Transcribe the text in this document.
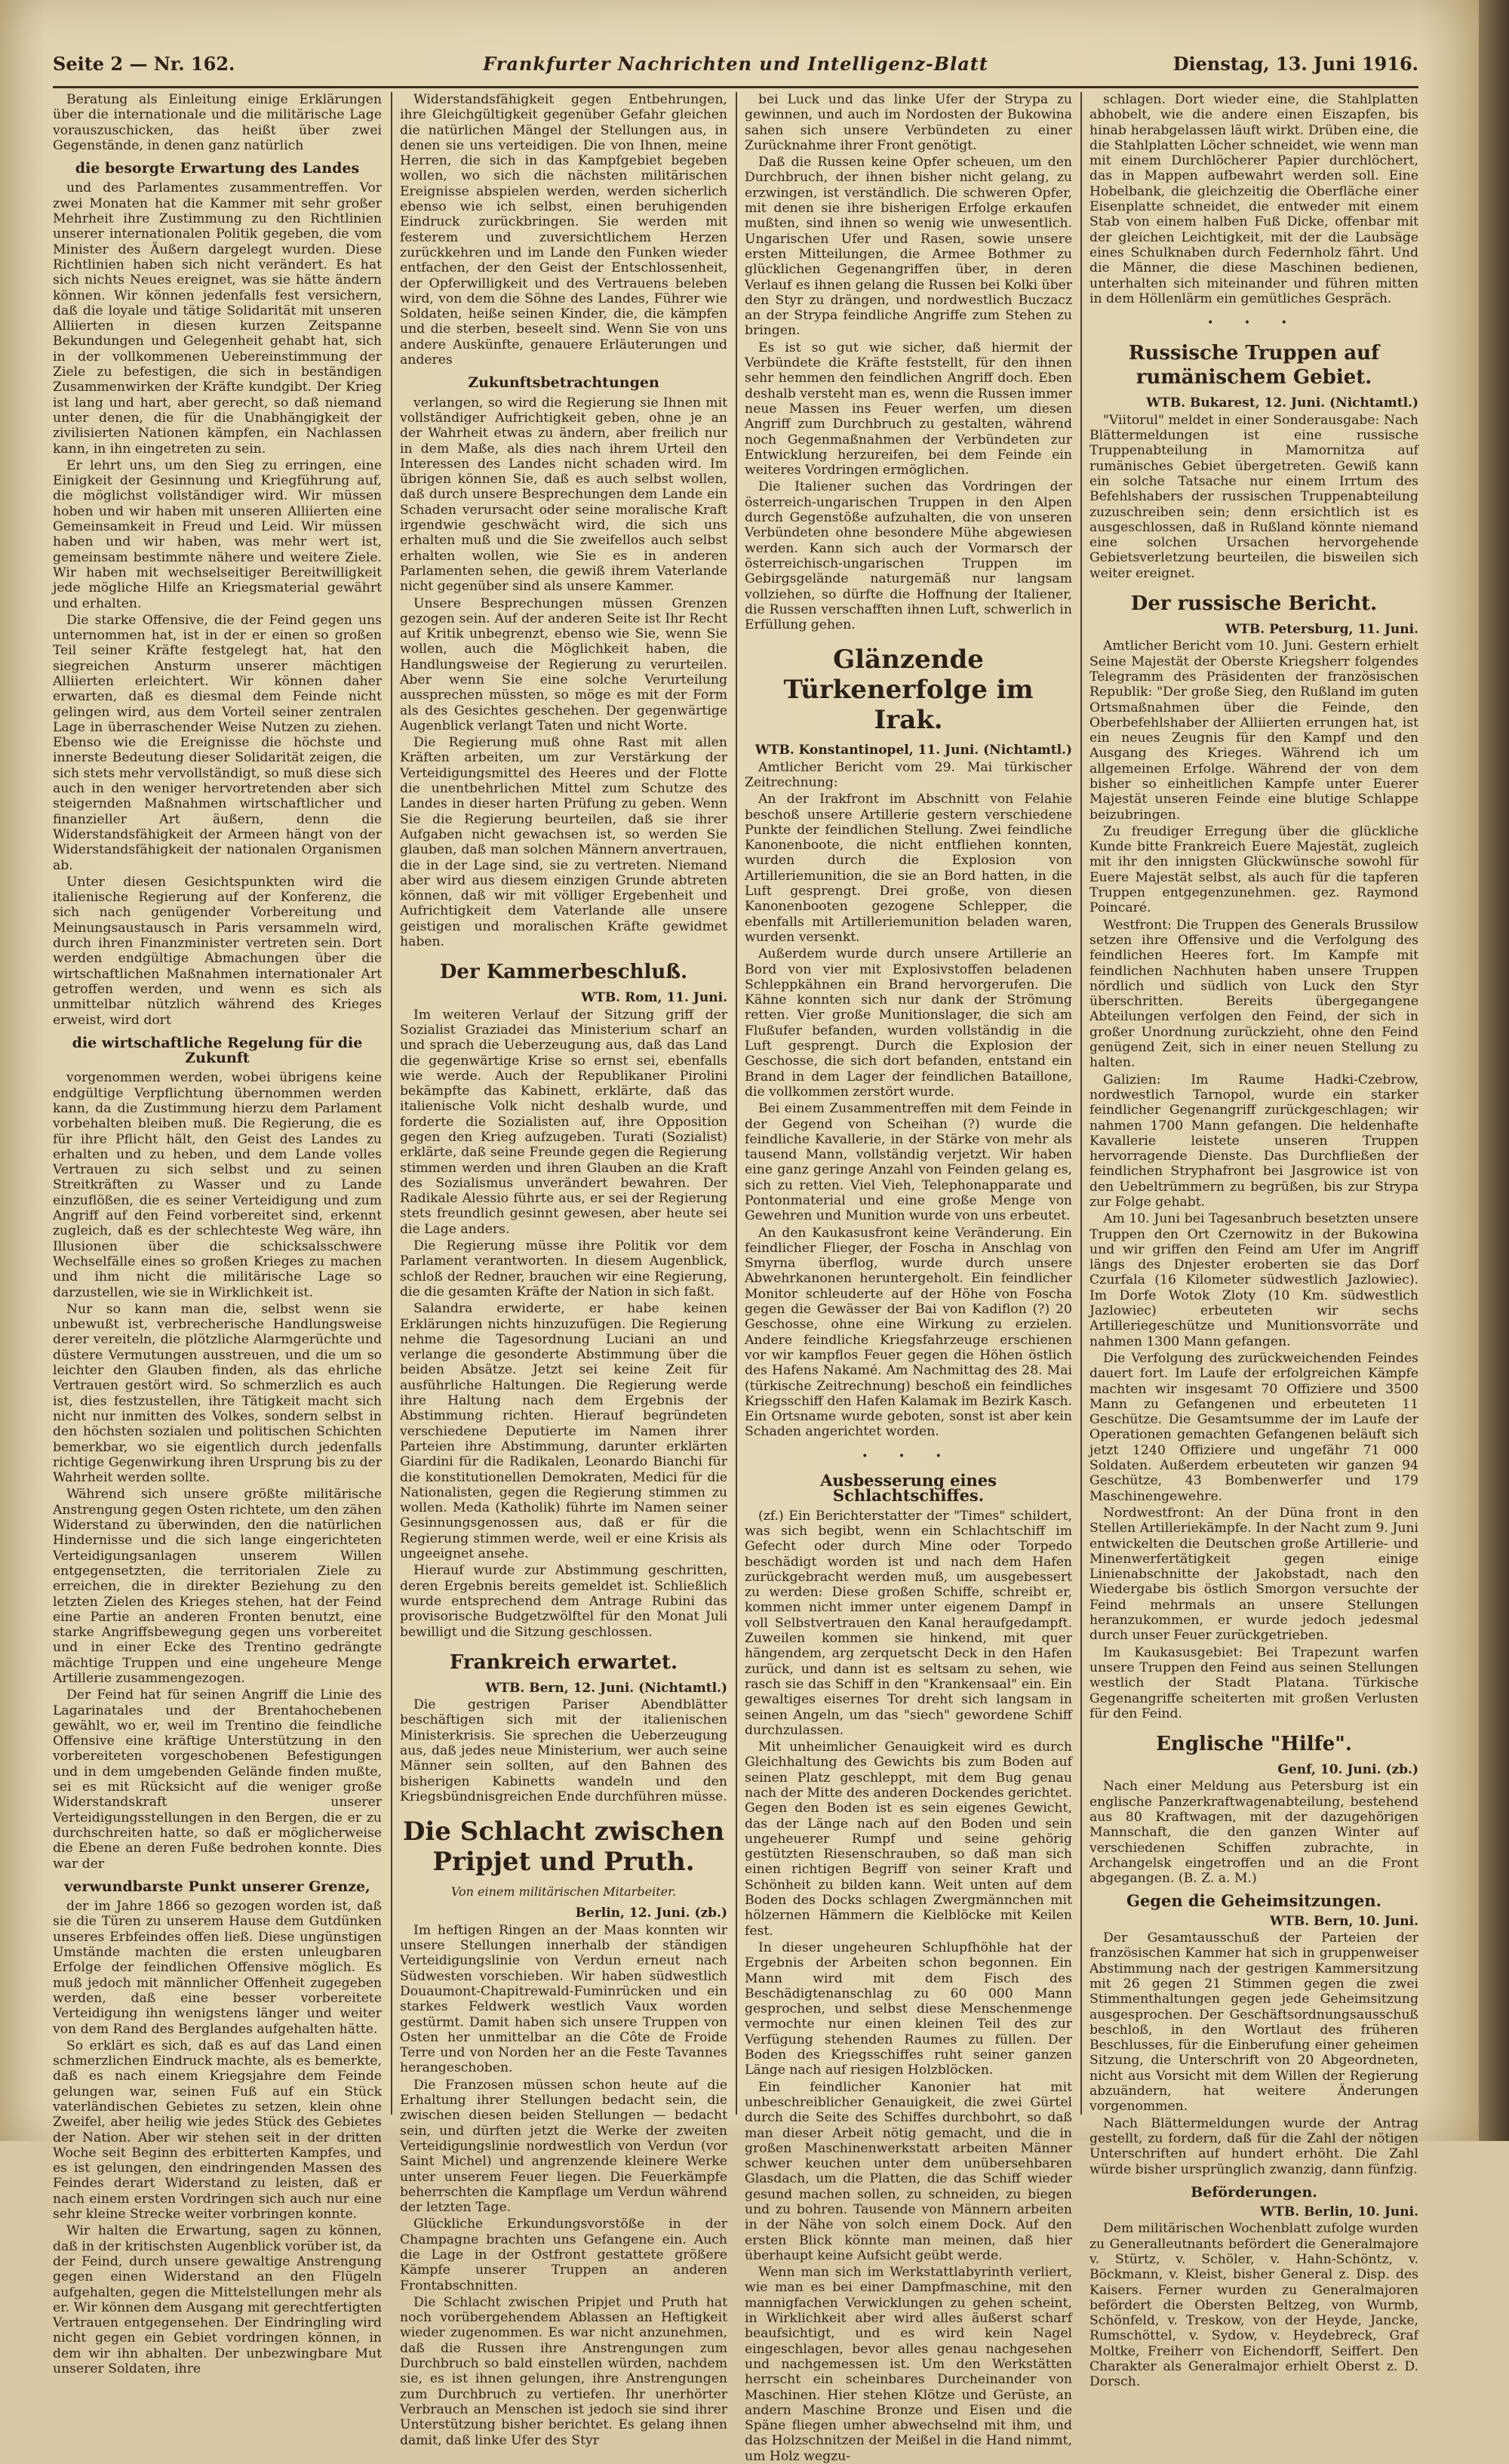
Seite 2 — Nr. 162.	Frankfurter Nachrichten und Intelligenz-Blatt	Dienstag, 13. Juni 1916.

Beratung als Einleitung einige Erklärungen über die internationale und die militärische Lage vorauszuschicken, das heißt über zwei Gegenstände, in denen ganz natürlich

die besorgte Erwartung des Landes

und des Parlamentes zusammentreffen. Vor zwei Monaten hat die Kammer mit sehr großer Mehrheit ihre Zustimmung zu den Richtlinien unserer internationalen Politik gegeben, die vom Minister des Äußern dargelegt wurden. Diese Richtlinien haben sich nicht verändert. Es hat sich nichts Neues ereignet, was sie hätte ändern können. Wir können jedenfalls fest versichern, daß die loyale und tätige Solidarität mit unseren Alliierten in diesen kurzen Zeitspanne Bekundungen und Gelegenheit gehabt hat, sich in der vollkommenen Uebereinstimmung der Ziele zu befestigen, die sich in beständigen Zusammenwirken der Kräfte kundgibt. Der Krieg ist lang und hart, aber gerecht, so daß niemand unter denen, die für die Unabhängigkeit der zivilisierten Nationen kämpfen, ein Nachlassen kann, in ihn eingetreten zu sein.

Er lehrt uns, um den Sieg zu erringen, eine Einigkeit der Gesinnung und Kriegführung auf, die möglichst vollständiger wird. Wir müssen hoben und wir haben mit unseren Alliierten eine Gemeinsamkeit in Freud und Leid. Wir müssen haben und wir haben, was mehr wert ist, gemeinsam bestimmte nähere und weitere Ziele. Wir haben mit wechselseitiger Bereitwilligkeit jede mögliche Hilfe an Kriegsmaterial gewährt und erhalten.

Die starke Offensive, die der Feind gegen uns unternommen hat, ist in der er einen so großen Teil seiner Kräfte festgelegt hat, hat den siegreichen Ansturm unserer mächtigen Alliierten erleichtert. Wir können daher erwarten, daß es diesmal dem Feinde nicht gelingen wird, aus dem Vorteil seiner zentralen Lage in überraschender Weise Nutzen zu ziehen. Ebenso wie die Ereignisse die höchste und innerste Bedeutung dieser Solidarität zeigen, die sich stets mehr vervollständigt, so muß diese sich auch in den weniger hervortretenden aber sich steigernden Maßnahmen wirtschaftlicher und finanzieller Art äußern, denn die Widerstandsfähigkeit der Armeen hängt von der Widerstandsfähigkeit der nationalen Organismen ab.

Unter diesen Gesichtspunkten wird die italienische Regierung auf der Konferenz, die sich nach genügender Vorbereitung und Meinungsaustausch in Paris versammeln wird, durch ihren Finanzminister vertreten sein. Dort werden endgültige Abmachungen über die wirtschaftlichen Maßnahmen internationaler Art getroffen werden, und wenn es sich als unmittelbar nützlich während des Krieges erweist, wird dort

die wirtschaftliche Regelung für die Zukunft

vorgenommen werden, wobei übrigens keine endgültige Verpflichtung übernommen werden kann, da die Zustimmung hierzu dem Parlament vorbehalten bleiben muß. Die Regierung, die es für ihre Pflicht hält, den Geist des Landes zu erhalten und zu heben, und dem Lande volles Vertrauen zu sich selbst und zu seinen Streitkräften zu Wasser und zu Lande einzuflößen, die es seiner Verteidigung und zum Angriff auf den Feind vorbereitet sind, erkennt zugleich, daß es der schlechteste Weg wäre, ihn Illusionen über die schicksalsschwere Wechselfälle eines so großen Krieges zu machen und ihm nicht die militärische Lage so darzustellen, wie sie in Wirklichkeit ist.

Nur so kann man die, selbst wenn sie unbewußt ist, verbrecherische Handlungsweise derer vereiteln, die plötzliche Alarmgerüchte und düstere Vermutungen ausstreuen, und die um so leichter den Glauben finden, als das ehrliche Vertrauen gestört wird. So schmerzlich es auch ist, dies festzustellen, ihre Tätigkeit macht sich nicht nur inmitten des Volkes, sondern selbst in den höchsten sozialen und politischen Schichten bemerkbar, wo sie eigentlich durch jedenfalls richtige Gegenwirkung ihren Ursprung bis zu der Wahrheit werden sollte.

Während sich unsere größte militärische Anstrengung gegen Osten richtete, um den zähen Widerstand zu überwinden, den die natürlichen Hindernisse und die sich lange eingerichteten Verteidigungsanlagen unserem Willen entgegensetzten, die territorialen Ziele zu erreichen, die in direkter Beziehung zu den letzten Zielen des Krieges stehen, hat der Feind eine Partie an anderen Fronten benutzt, eine starke Angriffsbewegung gegen uns vorbereitet und in einer Ecke des Trentino gedrängte mächtige Truppen und eine ungeheure Menge Artillerie zusammengezogen.

Der Feind hat für seinen Angriff die Linie des Lagarinatales und der Brentahochebenen gewählt, wo er, weil im Trentino die feindliche Offensive eine kräftige Unterstützung in den vorbereiteten vorgeschobenen Befestigungen und in dem umgebenden Gelände finden mußte, sei es mit Rücksicht auf die weniger große Widerstandskraft unserer Verteidigungsstellungen in den Bergen, die er zu durchschreiten hatte, so daß er möglicherweise die Ebene an deren Fuße bedrohen konnte. Dies war der

verwundbarste Punkt unserer Grenze,

der im Jahre 1866 so gezogen worden ist, daß sie die Türen zu unserem Hause dem Gutdünken unseres Erbfeindes offen ließ. Diese ungünstigen Umstände machten die ersten unleugbaren Erfolge der feindlichen Offensive möglich. Es muß jedoch mit männlicher Offenheit zugegeben werden, daß eine besser vorbereitete Verteidigung ihn wenigstens länger und weiter von dem Rand des Berglandes aufgehalten hätte.

So erklärt es sich, daß es auf das Land einen schmerzlichen Eindruck machte, als es bemerkte, daß es nach einem Kriegsjahre dem Feinde gelungen war, seinen Fuß auf ein Stück vaterländischen Gebietes zu setzen, klein ohne Zweifel, aber heilig wie jedes Stück des Gebietes der Nation. Aber wir stehen seit in der dritten Woche seit Beginn des erbitterten Kampfes, und es ist gelungen, den eindringenden Massen des Feindes derart Widerstand zu leisten, daß er nach einem ersten Vordringen sich auch nur eine sehr kleine Strecke weiter vorbringen konnte.

Wir halten die Erwartung, sagen zu können, daß in der kritischsten Augenblick vorüber ist, da der Feind, durch unsere gewaltige Anstrengung gegen einen Widerstand an den Flügeln aufgehalten, gegen die Mittelstellungen mehr als er. Wir können dem Ausgang mit gerechtfertigten Vertrauen entgegensehen. Der Eindringling wird nicht gegen ein Gebiet vordringen können, in dem wir ihn abhalten. Der unbezwingbare Mut unserer Soldaten, ihre

Widerstandsfähigkeit gegen Entbehrungen, ihre Gleichgültigkeit gegenüber Gefahr gleichen die natürlichen Mängel der Stellungen aus, in denen sie uns verteidigen. Die von Ihnen, meine Herren, die sich in das Kampfgebiet begeben wollen, wo sich die nächsten militärischen Ereignisse abspielen werden, werden sicherlich ebenso wie ich selbst, einen beruhigenden Eindruck zurückbringen. Sie werden mit festerem und zuversichtlichem Herzen zurückkehren und im Lande den Funken wieder entfachen, der den Geist der Entschlossenheit, der Opferwilligkeit und des Vertrauens beleben wird, von dem die Söhne des Landes, Führer wie Soldaten, heiße seinen Kinder, die, die kämpfen und die sterben, beseelt sind. Wenn Sie von uns andere Auskünfte, genauere Erläuterungen und anderes

Zukunftsbetrachtungen

verlangen, so wird die Regierung sie Ihnen mit vollständiger Aufrichtigkeit geben, ohne je an der Wahrheit etwas zu ändern, aber freilich nur in dem Maße, als dies nach ihrem Urteil den Interessen des Landes nicht schaden wird. Im übrigen können Sie, daß es auch selbst wollen, daß durch unsere Besprechungen dem Lande ein Schaden verursacht oder seine moralische Kraft irgendwie geschwächt wird, die sich uns erhalten muß und die Sie zweifellos auch selbst erhalten wollen, wie Sie es in anderen Parlamenten sehen, die gewiß ihrem Vaterlande nicht gegenüber sind als unsere Kammer.

Unsere Besprechungen müssen Grenzen gezogen sein. Auf der anderen Seite ist Ihr Recht auf Kritik unbegrenzt, ebenso wie Sie, wenn Sie wollen, auch die Möglichkeit haben, die Handlungsweise der Regierung zu verurteilen. Aber wenn Sie eine solche Verurteilung aussprechen müssten, so möge es mit der Form als des Gesichtes geschehen. Der gegenwärtige Augenblick verlangt Taten und nicht Worte.

Die Regierung muß ohne Rast mit allen Kräften arbeiten, um zur Verstärkung der Verteidigungsmittel des Heeres und der Flotte die unentbehrlichen Mittel zum Schutze des Landes in dieser harten Prüfung zu geben. Wenn Sie die Regierung beurteilen, daß sie ihrer Aufgaben nicht gewachsen ist, so werden Sie glauben, daß man solchen Männern anvertrauen, die in der Lage sind, sie zu vertreten. Niemand aber wird aus diesem einzigen Grunde abtreten können, daß wir mit völliger Ergebenheit und Aufrichtigkeit dem Vaterlande alle unsere geistigen und moralischen Kräfte gewidmet haben.

Der Kammerbeschluß.
WTB. Rom, 11. Juni.

Im weiteren Verlauf der Sitzung griff der Sozialist Graziadei das Ministerium scharf an und sprach die Ueberzeugung aus, daß das Land die gegenwärtige Krise so ernst sei, ebenfalls wie werde. Auch der Republikaner Pirolini bekämpfte das Kabinett, erklärte, daß das italienische Volk nicht deshalb wurde, und forderte die Sozialisten auf, ihre Opposition gegen den Krieg aufzugeben. Turati (Sozialist) erklärte, daß seine Freunde gegen die Regierung stimmen werden und ihren Glauben an die Kraft des Sozialismus unverändert bewahren. Der Radikale Alessio führte aus, er sei der Regierung stets freundlich gesinnt gewesen, aber heute sei die Lage anders.

Die Regierung müsse ihre Politik vor dem Parlament verantworten. In diesem Augenblick, schloß der Redner, brauchen wir eine Regierung, die die gesamten Kräfte der Nation in sich faßt.

Salandra erwiderte, er habe keinen Erklärungen nichts hinzuzufügen. Die Regierung nehme die Tagesordnung Luciani an und verlange die gesonderte Abstimmung über die beiden Absätze. Jetzt sei keine Zeit für ausführliche Haltungen. Die Regierung werde ihre Haltung nach dem Ergebnis der Abstimmung richten. Hierauf begründeten verschiedene Deputierte im Namen ihrer Parteien ihre Abstimmung, darunter erklärten Giardini für die Radikalen, Leonardo Bianchi für die konstitutionellen Demokraten, Medici für die Nationalisten, gegen die Regierung stimmen zu wollen. Meda (Katholik) führte im Namen seiner Gesinnungsgenossen aus, daß er für die Regierung stimmen werde, weil er eine Krisis als ungeeignet ansehe.

Hierauf wurde zur Abstimmung geschritten, deren Ergebnis bereits gemeldet ist. Schließlich wurde entsprechend dem Antrage Rubini das provisorische Budgetzwölftel für den Monat Juli bewilligt und die Sitzung geschlossen.

Frankreich erwartet.
WTB. Bern, 12. Juni. (Nichtamtl.)

Die gestrigen Pariser Abendblätter beschäftigen sich mit der italienischen Ministerkrisis. Sie sprechen die Ueberzeugung aus, daß jedes neue Ministerium, wer auch seine Männer sein sollten, auf den Bahnen des bisherigen Kabinetts wandeln und den Kriegsbündnisgreichen Ende durchführen müsse.

Die Schlacht zwischen Pripjet und Pruth.
Von einem militärischen Mitarbeiter.
Berlin, 12. Juni. (zb.)

Im heftigen Ringen an der Maas konnten wir unsere Stellungen innerhalb der ständigen Verteidigungslinie von Verdun erneut nach Südwesten vorschieben. Wir haben südwestlich Douaumont-Chapitrewald-Fuminrücken und ein starkes Feldwerk westlich Vaux worden gestürmt. Damit haben sich unsere Truppen von Osten her unmittelbar an die Côte de Froide Terre und von Norden her an die Feste Tavannes herangeschoben.

Die Franzosen müssen schon heute auf die Erhaltung ihrer Stellungen bedacht sein, die zwischen diesen beiden Stellungen — bedacht sein, und dürften jetzt die Werke der zweiten Verteidigungslinie nordwestlich von Verdun (vor Saint Michel) und angrenzende kleinere Werke unter unserem Feuer liegen. Die Feuerkämpfe beherrschten die Kampflage um Verdun während der letzten Tage.

Glückliche Erkundungsvorstöße in der Champagne brachten uns Gefangene ein. Auch die Lage in der Ostfront gestattete größere Kämpfe unserer Truppen an anderen Frontabschnitten.

Die Schlacht zwischen Pripjet und Pruth hat noch vorübergehendem Ablassen an Heftigkeit wieder zugenommen. Es war nicht anzunehmen, daß die Russen ihre Anstrengungen zum Durchbruch so bald einstellen würden, nachdem sie, es ist ihnen gelungen, ihre Anstrengungen zum Durchbruch zu vertiefen. Ihr unerhörter Verbrauch an Menschen ist jedoch sie sind ihrer Unterstützung bisher berichtet. Es gelang ihnen damit, daß linke Ufer des Styr

bei Luck und das linke Ufer der Strypa zu gewinnen, und auch im Nordosten der Bukowina sahen sich unsere Verbündeten zu einer Zurücknahme ihrer Front genötigt.

Daß die Russen keine Opfer scheuen, um den Durchbruch, der ihnen bisher nicht gelang, zu erzwingen, ist verständlich. Die schweren Opfer, mit denen sie ihre bisherigen Erfolge erkaufen mußten, sind ihnen so wenig wie unwesentlich. Ungarischen Ufer und Rasen, sowie unsere ersten Mitteilungen, die Armee Bothmer zu glücklichen Gegenangriffen über, in deren Verlauf es ihnen gelang die Russen bei Kolki über den Styr zu drängen, und nordwestlich Buczacz an der Strypa feindliche Angriffe zum Stehen zu bringen.

Es ist so gut wie sicher, daß hiermit der Verbündete die Kräfte feststellt, für den ihnen sehr hemmen den feindlichen Angriff doch. Eben deshalb versteht man es, wenn die Russen immer neue Massen ins Feuer werfen, um diesen Angriff zum Durchbruch zu gestalten, während noch Gegenmaßnahmen der Verbündeten zur Entwicklung herzureifen, bei dem Feinde ein weiteres Vordringen ermöglichen.

Die Italiener suchen das Vordringen der österreich-ungarischen Truppen in den Alpen durch Gegenstöße aufzuhalten, die von unseren Verbündeten ohne besondere Mühe abgewiesen werden. Kann sich auch der Vormarsch der österreichisch-ungarischen Truppen im Gebirgsgelände naturgemäß nur langsam vollziehen, so dürfte die Hoffnung der Italiener, die Russen verschafften ihnen Luft, schwerlich in Erfüllung gehen.

Glänzende Türkenerfolge im Irak.
WTB. Konstantinopel, 11. Juni. (Nichtamtl.)

Amtlicher Bericht vom 29. Mai türkischer Zeitrechnung:

An der Irakfront im Abschnitt von Felahie beschoß unsere Artillerie gestern verschiedene Punkte der feindlichen Stellung. Zwei feindliche Kanonenboote, die nicht entfliehen konnten, wurden durch die Explosion von Artilleriemunition, die sie an Bord hatten, in die Luft gesprengt. Drei große, von diesen Kanonenbooten gezogene Schlepper, die ebenfalls mit Artilleriemunition beladen waren, wurden versenkt.

Außerdem wurde durch unsere Artillerie an Bord von vier mit Explosivstoffen beladenen Schleppkähnen ein Brand hervorgerufen. Die Kähne konnten sich nur dank der Strömung retten. Vier große Munitionslager, die sich am Flußufer befanden, wurden vollständig in die Luft gesprengt. Durch die Explosion der Geschosse, die sich dort befanden, entstand ein Brand in dem Lager der feindlichen Bataillone, die vollkommen zerstört wurde.

Bei einem Zusammentreffen mit dem Feinde in der Gegend von Scheihan (?) wurde die feindliche Kavallerie, in der Stärke von mehr als tausend Mann, vollständig verjetzt. Wir haben eine ganz geringe Anzahl von Feinden gelang es, sich zu retten. Viel Vieh, Telephonapparate und Pontonmaterial und eine große Menge von Gewehren und Munition wurde von uns erbeutet.

An den Kaukasusfront keine Veränderung. Ein feindlicher Flieger, der Foscha in Anschlag von Smyrna überflog, wurde durch unsere Abwehrkanonen heruntergeholt. Ein feindlicher Monitor schleuderte auf der Höhe von Foscha gegen die Gewässer der Bai von Kadiflon (?) 20 Geschosse, ohne eine Wirkung zu erzielen. Andere feindliche Kriegsfahrzeuge erschienen vor wir kampflos Feuer gegen die Höhen östlich des Hafens Nakamé. Am Nachmittag des 28. Mai (türkische Zeitrechnung) beschoß ein feindliches Kriegsschiff den Hafen Kalamak im Bezirk Kasch. Ein Ortsname wurde geboten, sonst ist aber kein Schaden angerichtet worden.

• • •
Ausbesserung eines Schlachtschiffes.

(zf.) Ein Berichterstatter der "Times" schildert, was sich begibt, wenn ein Schlachtschiff im Gefecht oder durch Mine oder Torpedo beschädigt worden ist und nach dem Hafen zurückgebracht werden muß, um ausgebessert zu werden: Diese großen Schiffe, schreibt er, kommen nicht immer unter eigenem Dampf in voll Selbstvertrauen den Kanal heraufgedampft. Zuweilen kommen sie hinkend, mit quer hängendem, arg zerquetscht Deck in den Hafen zurück, und dann ist es seltsam zu sehen, wie rasch sie das Schiff in den "Krankensaal" ein. Ein gewaltiges eisernes Tor dreht sich langsam in seinen Angeln, um das "siech" gewordene Schiff durchzulassen.

Mit unheimlicher Genauigkeit wird es durch Gleichhaltung des Gewichts bis zum Boden auf seinen Platz geschleppt, mit dem Bug genau nach der Mitte des anderen Dockendes gerichtet. Gegen den Boden ist es sein eigenes Gewicht, das der Länge nach auf den Boden und sein ungeheuerer Rumpf und seine gehörig gestützten Riesenschrauben, so daß man sich einen richtigen Begriff von seiner Kraft und Schönheit zu bilden kann. Weit unten auf dem Boden des Docks schlagen Zwergmännchen mit hölzernen Hämmern die Kielblöcke mit Keilen fest.

In dieser ungeheuren Schlupfhöhle hat der Ergebnis der Arbeiten schon begonnen. Ein Mann wird mit dem Fisch des Beschädigtenanschlag zu 60 000 Mann gesprochen, und selbst diese Menschenmenge vermochte nur einen kleinen Teil des zur Verfügung stehenden Raumes zu füllen. Der Boden des Kriegsschiffes ruht seiner ganzen Länge nach auf riesigen Holzblöcken.

Ein feindlicher Kanonier hat mit unbeschreiblicher Genauigkeit, die zwei Gürtel durch die Seite des Schiffes durchbohrt, so daß man dieser Arbeit nötig gemacht, und die in großen Maschinenwerkstatt arbeiten Männer schwer keuchen unter dem unübersehbaren Glasdach, um die Platten, die das Schiff wieder gesund machen sollen, zu schneiden, zu biegen und zu bohren. Tausende von Männern arbeiten in der Nähe von solch einem Dock. Auf den ersten Blick könnte man meinen, daß hier überhaupt keine Aufsicht geübt werde.

Wenn man sich im Werkstattlabyrinth verliert, wie man es bei einer Dampfmaschine, mit den mannigfachen Verwicklungen zu gehen scheint, in Wirklichkeit aber wird alles äußerst scharf beaufsichtigt, und es wird kein Nagel eingeschlagen, bevor alles genau nachgesehen und nachgemessen ist. Um den Werkstätten herrscht ein scheinbares Durcheinander von Maschinen. Hier stehen Klötze und Gerüste, an andern Maschine Bronze und Eisen und die Späne fliegen umher abwechselnd mit ihm, und das Holzschnitzen der Meißel in die Hand nimmt, um Holz wegzu-

schlagen. Dort wieder eine, die Stahlplatten abhobelt, wie die andere einen Eiszapfen, bis hinab herabgelassen läuft wirkt. Drüben eine, die die Stahlplatten Löcher schneidet, wie wenn man mit einem Durchlöcherer Papier durchlöchert, das in Mappen aufbewahrt werden soll. Eine Hobelbank, die gleichzeitig die Oberfläche einer Eisenplatte schneidet, die entweder mit einem Stab von einem halben Fuß Dicke, offenbar mit der gleichen Leichtigkeit, mit der die Laubsäge eines Schulknaben durch Federnholz fährt. Und die Männer, die diese Maschinen bedienen, unterhalten sich miteinander und führen mitten in dem Höllenlärm ein gemütliches Gespräch.

• • •
Russische Truppen auf rumänischem Gebiet.
WTB. Bukarest, 12. Juni. (Nichtamtl.)

"Viitorul" meldet in einer Sonderausgabe: Nach Blättermeldungen ist eine russische Truppenabteilung in Mamornitza auf rumänisches Gebiet übergetreten. Gewiß kann ein solche Tatsache nur einem Irrtum des Befehlshabers der russischen Truppenabteilung zuzuschreiben sein; denn ersichtlich ist es ausgeschlossen, daß in Rußland könnte niemand eine solchen Ursachen hervorgehende Gebietsverletzung beurteilen, die bisweilen sich weiter ereignet.

Der russische Bericht.
WTB. Petersburg, 11. Juni.

Amtlicher Bericht vom 10. Juni. Gestern erhielt Seine Majestät der Oberste Kriegsherr folgendes Telegramm des Präsidenten der französischen Republik: "Der große Sieg, den Rußland im guten Ortsmaßnahmen über die Feinde, den Oberbefehlshaber der Alliierten errungen hat, ist ein neues Zeugnis für den Kampf und den Ausgang des Krieges. Während ich um allgemeinen Erfolge. Während der von dem bisher so einheitlichen Kampfe unter Euerer Majestät unseren Feinde eine blutige Schlappe beizubringen.

Zu freudiger Erregung über die glückliche Kunde bitte Frankreich Euere Majestät, zugleich mit ihr den innigsten Glückwünsche sowohl für Euere Majestät selbst, als auch für die tapferen Truppen entgegenzunehmen. gez. Raymond Poincaré.

Westfront: Die Truppen des Generals Brussilow setzen ihre Offensive und die Verfolgung des feindlichen Heeres fort. Im Kampfe mit feindlichen Nachhuten haben unsere Truppen nördlich und südlich von Luck den Styr überschritten. Bereits übergegangene Abteilungen verfolgen den Feind, der sich in großer Unordnung zurückzieht, ohne den Feind genügend Zeit, sich in einer neuen Stellung zu halten.

Galizien: Im Raume Hadki-Czebrow, nordwestlich Tarnopol, wurde ein starker feindlicher Gegenangriff zurückgeschlagen; wir nahmen 1700 Mann gefangen. Die heldenhafte Kavallerie leistete unseren Truppen hervorragende Dienste. Das Durchfließen der feindlichen Stryphafront bei Jasgrowice ist von den Uebeltrümmern zu begrüßen, bis zur Strypa zur Folge gehabt.

Am 10. Juni bei Tagesanbruch besetzten unsere Truppen den Ort Czernowitz in der Bukowina und wir griffen den Feind am Ufer im Angriff längs des Dnjester eroberten sie das Dorf Czurfala (16 Kilometer südwestlich Jazlowiec). Im Dorfe Wotok Zloty (10 Km. südwestlich Jazlowiec) erbeuteten wir sechs Artilleriegeschütze und Munitionsvorräte und nahmen 1300 Mann gefangen.

Die Verfolgung des zurückweichenden Feindes dauert fort. Im Laufe der erfolgreichen Kämpfe machten wir insgesamt 70 Offiziere und 3500 Mann zu Gefangenen und erbeuteten 11 Geschütze. Die Gesamtsumme der im Laufe der Operationen gemachten Gefangenen beläuft sich jetzt 1240 Offiziere und ungefähr 71 000 Soldaten. Außerdem erbeuteten wir ganzen 94 Geschütze, 43 Bombenwerfer und 179 Maschinengewehre.

Nordwestfront: An der Düna front in den Stellen Artilleriekämpfe. In der Nacht zum 9. Juni entwickelten die Deutschen große Artillerie- und Minenwerfertätigkeit gegen einige Linienabschnitte der Jakobstadt, nach den Wiedergabe bis östlich Smorgon versuchte der Feind mehrmals an unsere Stellungen heranzukommen, er wurde jedoch jedesmal durch unser Feuer zurückgetrieben.

Im Kaukasusgebiet: Bei Trapezunt warfen unsere Truppen den Feind aus seinen Stellungen westlich der Stadt Platana. Türkische Gegenangriffe scheiterten mit großen Verlusten für den Feind.

Englische "Hilfe".
Genf, 10. Juni. (zb.)

Nach einer Meldung aus Petersburg ist ein englische Panzerkraftwagenabteilung, bestehend aus 80 Kraftwagen, mit der dazugehörigen Mannschaft, die den ganzen Winter auf verschiedenen Schiffen zubrachte, in Archangelsk eingetroffen und an die Front abgegangen. (B. Z. a. M.)

Gegen die Geheimsitzungen.
WTB. Bern, 10. Juni.

Der Gesamtausschuß der Parteien der französischen Kammer hat sich in gruppenweiser Abstimmung nach der gestrigen Kammersitzung mit 26 gegen 21 Stimmen gegen die zwei Stimmenthaltungen gegen jede Geheimsitzung ausgesprochen. Der Geschäftsordnungsausschuß beschloß, in den Wortlaut des früheren Beschlusses, für die Einberufung einer geheimen Sitzung, die Unterschrift von 20 Abgeordneten, nicht aus Vorsicht mit dem Willen der Regierung abzuändern, hat weitere Änderungen vorgenommen.

Nach Blättermeldungen wurde der Antrag gestellt, zu fordern, daß für die Zahl der nötigen Unterschriften auf hundert erhöht. Die Zahl würde bisher ursprünglich zwanzig, dann fünfzig.

Beförderungen.
WTB. Berlin, 10. Juni.

Dem militärischen Wochenblatt zufolge wurden zu Generalleutnants befördert die Generalmajore v. Stürtz, v. Schöler, v. Hahn-Schöntz, v. Böckmann, v. Kleist, bisher General z. Disp. des Kaisers. Ferner wurden zu Generalmajoren befördert die Obersten Beltzeg, von Wurmb, Schönfeld, v. Treskow, von der Heyde, Jancke, Rumschöttel, v. Sydow, v. Heydebreck, Graf Moltke, Freiherr von Eichendorff, Seiffert. Den Charakter als Generalmajor erhielt Oberst z. D. Dorsch.
